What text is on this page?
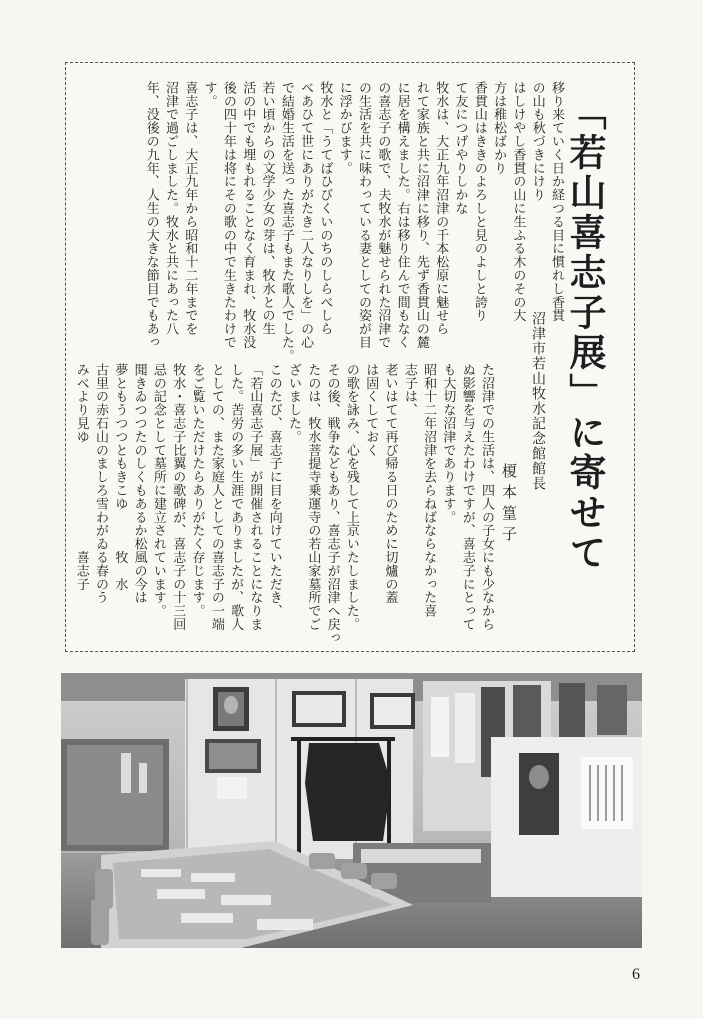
「若山喜志子展」に寄せて
沼津市若山牧水記念館館長
榎本篁子
移り来ていく日か経つる目に慣れし香貫
の山も秋づきにけり
はしけやし香貫の山に生ふる木のその大
方は稚松ばかり
香貫山はききのよろしと見のよしと誇り
て友につげやりしかな
牧水は、大正九年沼津の千本松原に魅せら
れて家族と共に沼津に移り、先ず香貫山の麓
に居を構えました。右は移り住んで間もなく
の喜志子の歌で、夫牧水が魅せられた沼津で
の生活を共に味わっている妻としての姿が目
に浮かびます。
牧水と「うてばひびくいのちのしらべしら
べあひて世にありがたき二人なりしを」の心
で結婚生活を送った喜志子もまた歌人でした。
若い頃からの文学少女の芽は、牧水との生
活の中でも埋もれることなく育まれ、牧水没
後の四十年は将にその歌の中で生きたわけで
す。
喜志子は、大正九年から昭和十二年までを
沼津で過ごしました。牧水と共にあった八
年、没後の九年、人生の大きな節目でもあっ
た沼津での生活は、四人の子女にも少なから
ぬ影響を与えたわけですが、喜志子にとって
も大切な沼津であります。
昭和十二年沼津を去らねばならなかった喜
志子は、
老いはてて再び帰る日のために切爐の蓋
は固くしておく
の歌を詠み、心を残して上京いたしました。
その後、戦争などもあり、喜志子が沼津へ戻っ
たのは、牧水菩提寺乗運寺の若山家墓所でご
ざいました。
このたび、喜志子に目を向けていただき、
「若山喜志子展」が開催されることになりま
した。苦労の多い生涯でありましたが、歌人
としての、また家庭人としての喜志子の一端
をご覧いただけたらありがたく存じます。
牧水・喜志子比翼の歌碑が、喜志子の十三回
忌の記念として墓所に建立されています。
聞きゐつつたのしくもあるか松風の今は
夢ともうつつともきこゆ　　　牧　水
古里の赤石山のましろ雪わがゐる春のう
みべより見ゆ　　　　　　　　喜志子
6
